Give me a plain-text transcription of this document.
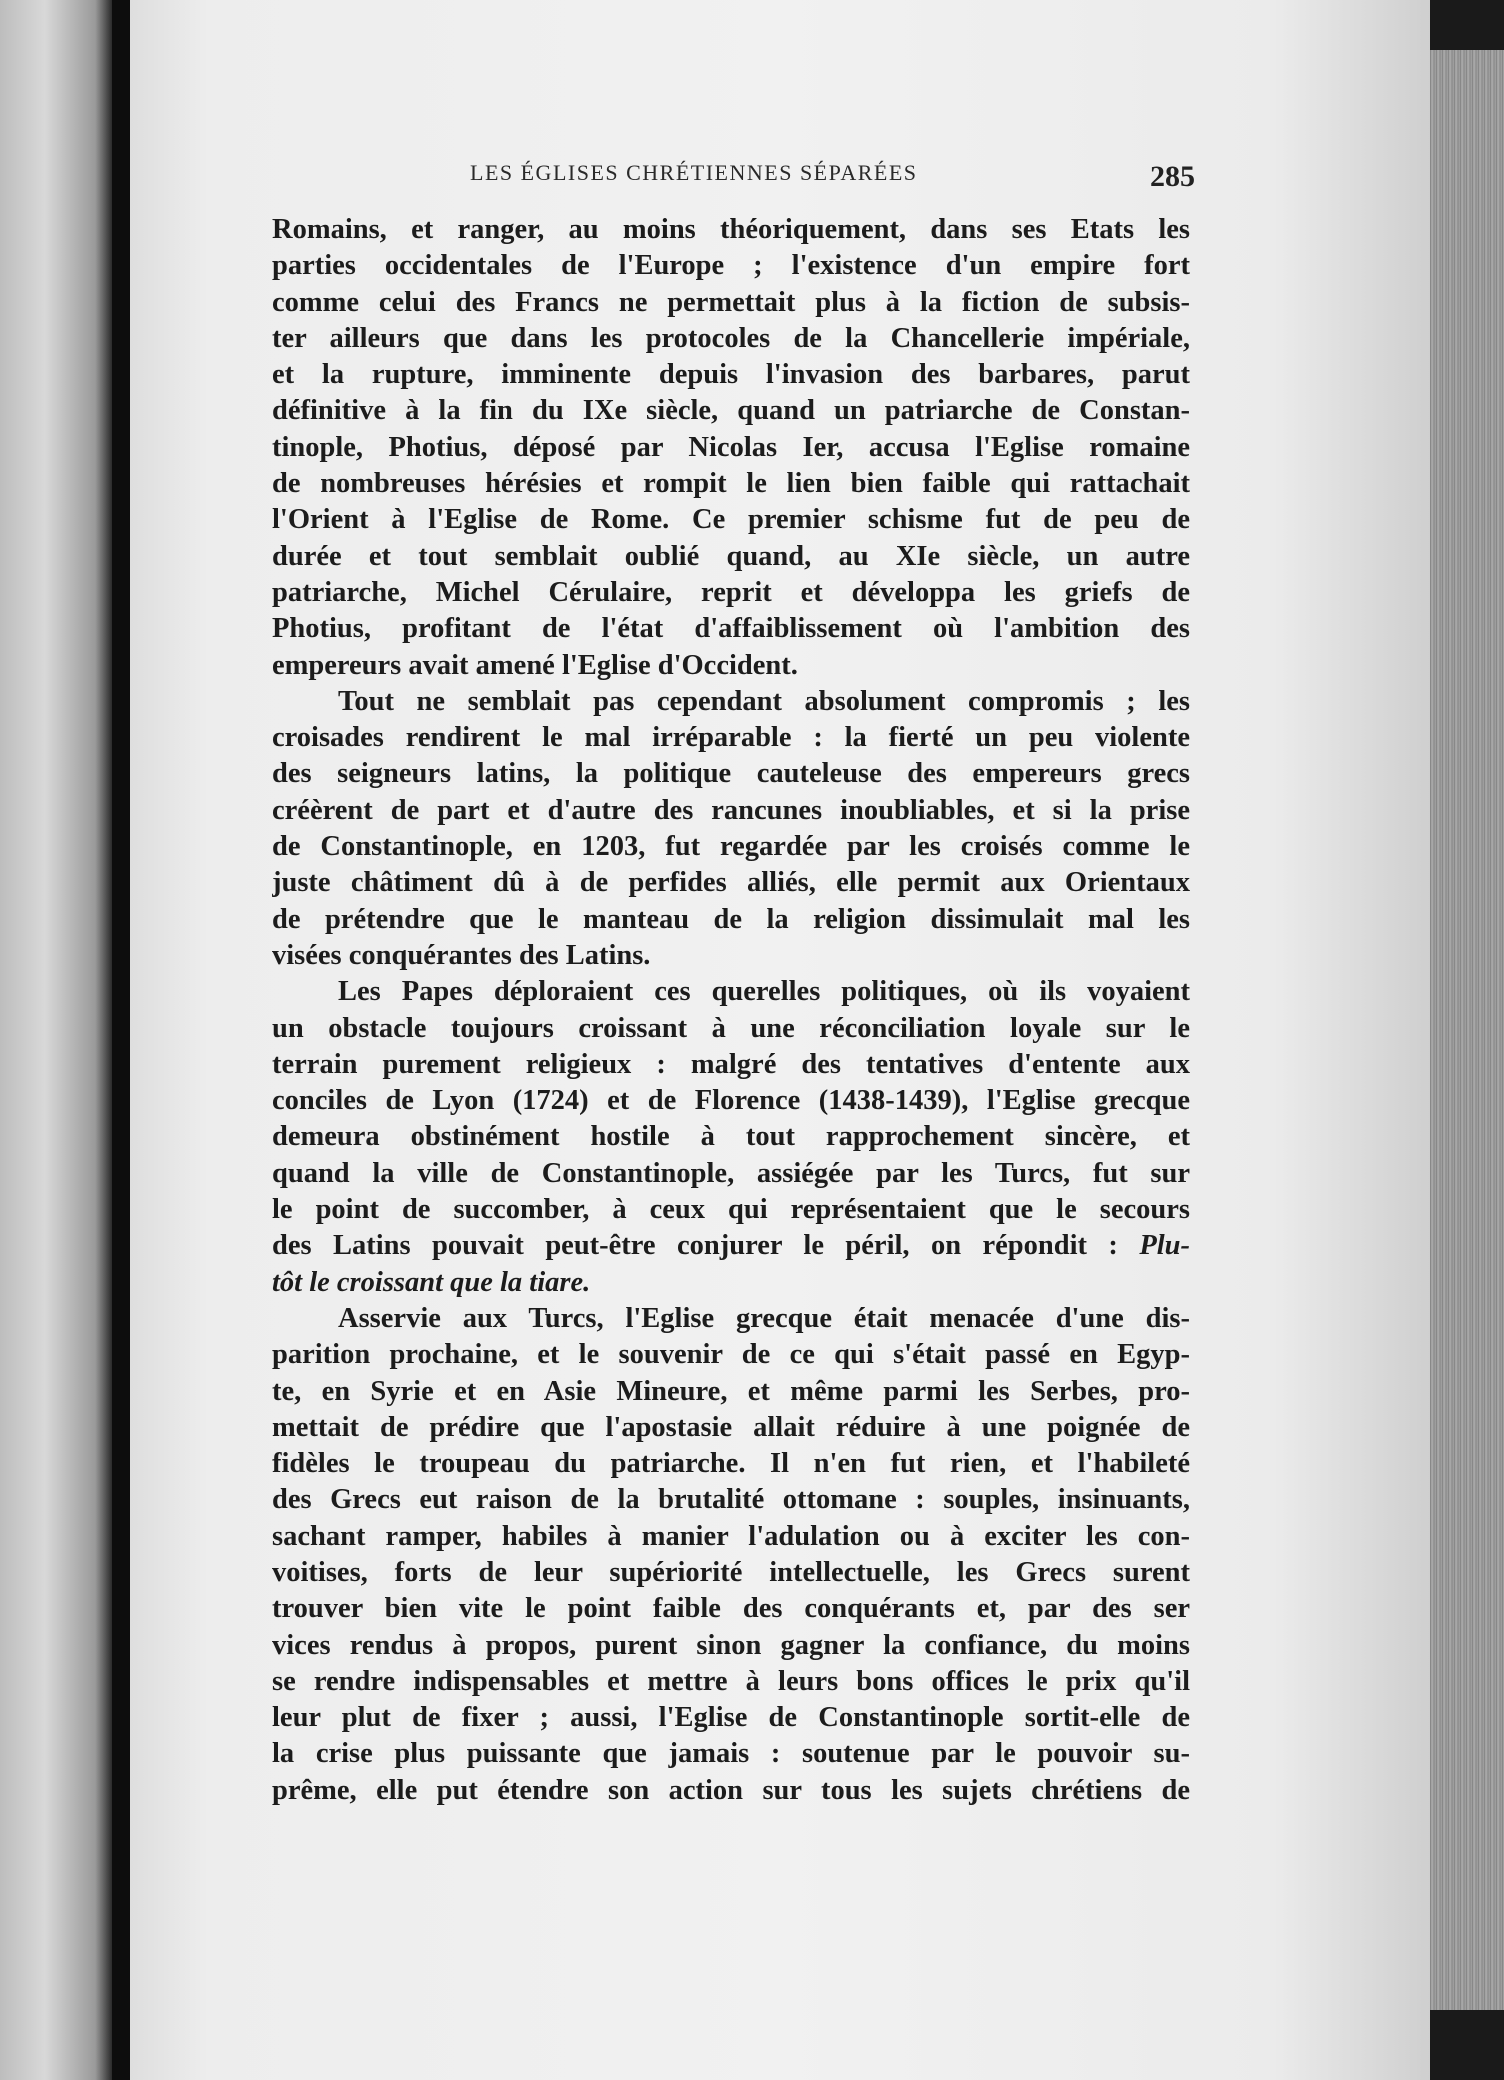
LES ÉGLISES CHRÉTIENNES SÉPARÉES	285
Romains, et ranger, au moins théoriquement, dans ses Etats les
parties occidentales de l'Europe ; l'existence d'un empire fort
comme celui des Francs ne permettait plus à la fiction de subsis-
ter ailleurs que dans les protocoles de la Chancellerie impériale,
et la rupture, imminente depuis l'invasion des barbares, parut
définitive à la fin du IXe siècle, quand un patriarche de Constan-
tinople, Photius, déposé par Nicolas Ier, accusa l'Eglise romaine
de nombreuses hérésies et rompit le lien bien faible qui rattachait
l'Orient à l'Eglise de Rome. Ce premier schisme fut de peu de
durée et tout semblait oublié quand, au XIe siècle, un autre
patriarche, Michel Cérulaire, reprit et développa les griefs de
Photius, profitant de l'état d'affaiblissement où l'ambition des
empereurs avait amené l'Eglise d'Occident.
Tout ne semblait pas cependant absolument compromis ; les
croisades rendirent le mal irréparable : la fierté un peu violente
des seigneurs latins, la politique cauteleuse des empereurs grecs
créèrent de part et d'autre des rancunes inoubliables, et si la prise
de Constantinople, en 1203, fut regardée par les croisés comme le
juste châtiment dû à de perfides alliés, elle permit aux Orientaux
de prétendre que le manteau de la religion dissimulait mal les
visées conquérantes des Latins.
Les Papes déploraient ces querelles politiques, où ils voyaient
un obstacle toujours croissant à une réconciliation loyale sur le
terrain purement religieux : malgré des tentatives d'entente aux
conciles de Lyon (1724) et de Florence (1438-1439), l'Eglise grecque
demeura obstinément hostile à tout rapprochement sincère, et
quand la ville de Constantinople, assiégée par les Turcs, fut sur
le point de succomber, à ceux qui représentaient que le secours
des Latins pouvait peut-être conjurer le péril, on répondit : Plu-
tôt le croissant que la tiare.
Asservie aux Turcs, l'Eglise grecque était menacée d'une dis-
parition prochaine, et le souvenir de ce qui s'était passé en Egyp-
te, en Syrie et en Asie Mineure, et même parmi les Serbes, pro-
mettait de prédire que l'apostasie allait réduire à une poignée de
fidèles le troupeau du patriarche. Il n'en fut rien, et l'habileté
des Grecs eut raison de la brutalité ottomane : souples, insinuants,
sachant ramper, habiles à manier l'adulation ou à exciter les con-
voitises, forts de leur supériorité intellectuelle, les Grecs surent
trouver bien vite le point faible des conquérants et, par des ser
vices rendus à propos, purent sinon gagner la confiance, du moins
se rendre indispensables et mettre à leurs bons offices le prix qu'il
leur plut de fixer ; aussi, l'Eglise de Constantinople sortit-elle de
la crise plus puissante que jamais : soutenue par le pouvoir su-
prême, elle put étendre son action sur tous les sujets chrétiens de
